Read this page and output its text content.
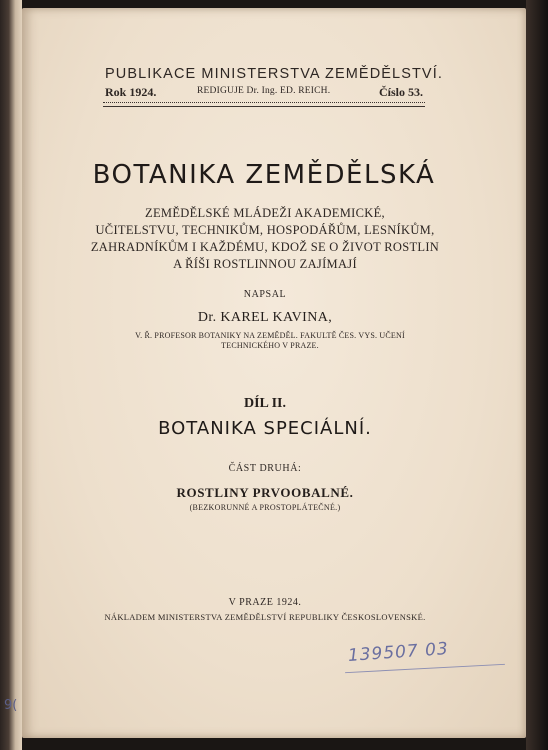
PUBLIKACE MINISTERSTVA ZEMĚDĚLSTVÍ.
Rok 1924.	REDIGUJE Dr. Ing. ED. REICH.	Číslo 53.
BOTANIKA ZEMĚDĚLSKÁ
ZEMĚDĚLSKÉ MLÁDEŽI AKADEMICKÉ,
UČITELSTVU, TECHNIKŮM, HOSPODÁŘŮM, LESNÍKŮM,
ZAHRADNÍKŮM I KAŽDÉMU, KDOŽ SE O ŽIVOT ROSTLIN
A ŘÍŠI ROSTLINNOU ZAJÍMAJÍ
NAPSAL
Dr. KAREL KAVINA,
V. Ř. PROFESOR BOTANIKY NA ZEMĚDĚL. FAKULTĚ ČES. VYS. UČENÍ
TECHNICKÉHO V PRAZE.
DÍL II.
BOTANIKA SPECIÁLNÍ.
ČÁST DRUHÁ:
ROSTLINY PRVOOBALNÉ.
(BEZKORUNNÉ A PROSTOPLÁTEČNÉ.)
V PRAZE 1924.
NÁKLADEM MINISTERSTVA ZEMĚDĚLSTVÍ REPUBLIKY ČESKOSLOVENSKÉ.
139507 03
9(
